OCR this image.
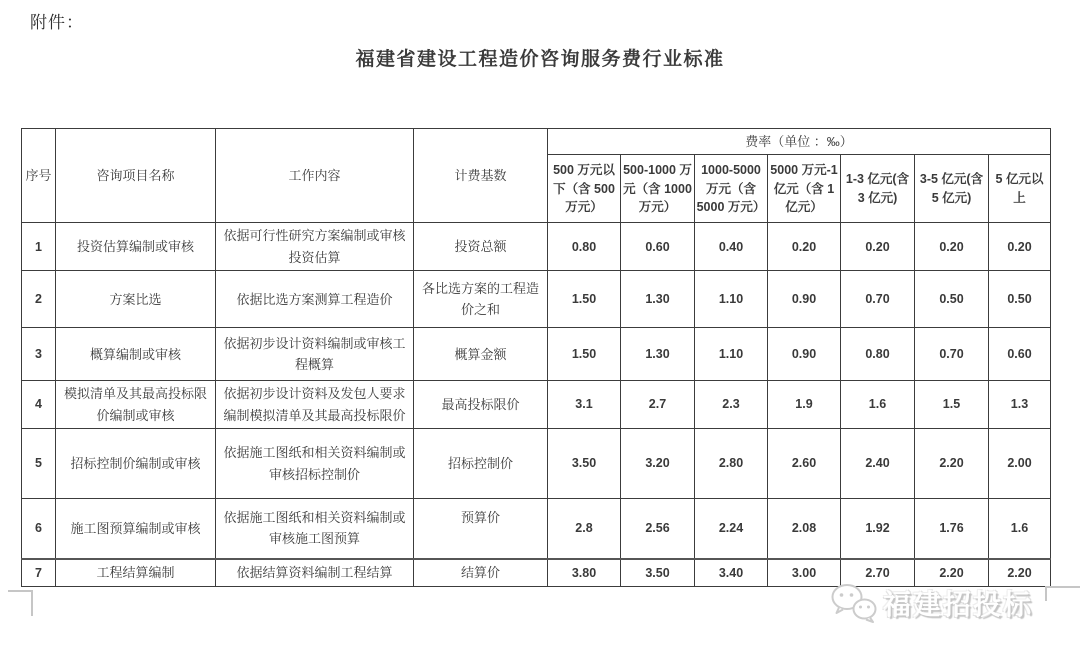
附件：
福建省建设工程造价咨询服务费行业标准
序号	咨询项目名称	工作内容	计费基数	费率（单位 ：‰）						
				500 万元以下（含 500 万元）	500-1000 万元（含 1000 万元）	1000-5000 万元（含 5000 万元）	5000 万元-1 亿元（含 1 亿元）	1-3 亿元(含 3 亿元)	3-5 亿元(含 5 亿元)	5 亿元以上
1	投资估算编制或审核	依据可行性研究方案编制或审核投资估算	投资总额	0.80	0.60	0.40	0.20	0.20	0.20	0.20
2	方案比选	依据比选方案测算工程造价	各比选方案的工程造价之和	1.50	1.30	1.10	0.90	0.70	0.50	0.50
3	概算编制或审核	依据初步设计资料编制或审核工程概算	概算金额	1.50	1.30	1.10	0.90	0.80	0.70	0.60
4	模拟清单及其最高投标限价编制或审核	依据初步设计资料及发包人要求编制模拟清单及其最高投标限价	最高投标限价	3.1	2.7	2.3	1.9	1.6	1.5	1.3
5	招标控制价编制或审核	依据施工图纸和相关资料编制或审核招标控制价	招标控制价	3.50	3.20	2.80	2.60	2.40	2.20	2.00
6	施工图预算编制或审核	依据施工图纸和相关资料编制或审核施工图预算	预算价	2.8	2.56	2.24	2.08	1.92	1.76	1.6
7	工程结算编制	依据结算资料编制工程结算	结算价	3.80	3.50	3.40	3.00	2.70	2.20	2.20
福建招投标
